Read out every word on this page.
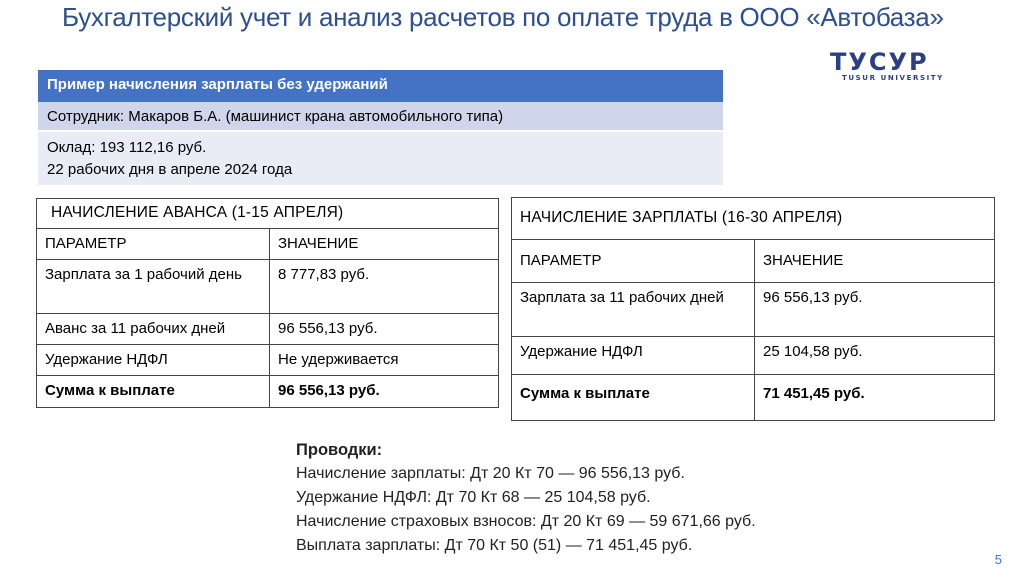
Бухгалтерский учет и анализ расчетов по оплате труда в ООО «Автобаза»
ТУСУР
TUSUR UNIVERSITY
Пример начисления зарплаты без удержаний
Сотрудник: Макаров Б.А. (машинист крана автомобильного типа)
Оклад: 193 112,16 руб.
22 рабочих дня в апреле 2024 года
НАЧИСЛЕНИЕ АВАНСА (1-15 АПРЕЛЯ)	
ПАРАМЕТР	ЗНАЧЕНИЕ
Зарплата за 1 рабочий день	8 777,83 руб.
Аванс за 11 рабочих дней	96 556,13 руб.
Удержание НДФЛ	Не удерживается
Сумма к выплате	96 556,13 руб.
НАЧИСЛЕНИЕ ЗАРПЛАТЫ (16-30 АПРЕЛЯ)	
ПАРАМЕТР	ЗНАЧЕНИЕ
Зарплата за 11 рабочих дней	96 556,13 руб.
Удержание НДФЛ	25 104,58 руб.
Сумма к выплате	71 451,45 руб.
Проводки:
Начисление зарплаты: Дт 20 Кт 70 — 96 556,13 руб.
Удержание НДФЛ: Дт 70 Кт 68 — 25 104,58 руб.
Начисление страховых взносов: Дт 20 Кт 69 — 59 671,66 руб.
Выплата зарплаты: Дт 70 Кт 50 (51) — 71 451,45 руб.
5
